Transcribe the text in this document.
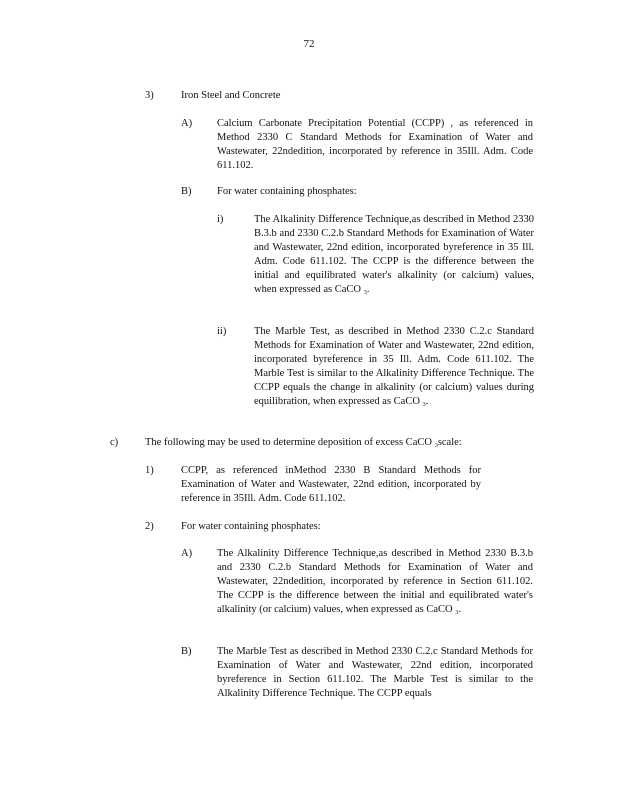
72
3)	Iron Steel and Concrete
A) Calcium Carbonate Precipitation Potential (CCPP) , as referenced in Method 2330 C Standard Methods for Examination of Water and Wastewater, 22ndedition, incorporated by reference in 35Ill. Adm. Code 611.102.
B) For water containing phosphates:
i)	The Alkalinity Difference Technique,as described in Method 2330 B.3.b and 2330 C.2.b Standard Methods for Examination of Water and Wastewater, 22nd edition, incorporated byreference in 35 Ill. Adm. Code 611.102. The CCPP is the difference between the initial and equilibrated water's alkalinity (or calcium) values, when expressed as CaCO $_3$.
ii)	The Marble Test, as described in Method 2330 C.2.c Standard Methods for Examination of Water and Wastewater, 22nd edition, incorporated byreference in 35 Ill. Adm. Code 611.102. The Marble Test is similar to the Alkalinity Difference Technique. The CCPP equals the change in alkalinity (or calcium) values during equilibration, when expressed as CaCO $_3$.
c)	The following may be used to determine deposition of excess CaCO $_3$scale:
1)	CCPP, as referenced inMethod 2330 B Standard Methods for Examination of Water and Wastewater, 22nd edition, incorporated by reference in 35Ill. Adm. Code 611.102.
2)	For water containing phosphates:
A) The Alkalinity Difference Technique,as described in Method 2330 B.3.b and 2330 C.2.b Standard Methods for Examination of Water and Wastewater, 22ndedition, incorporated by reference in Section 611.102. The CCPP is the difference between the initial and equilibrated water's alkalinity (or calcium) values, when expressed as CaCO $_3$.
B) The Marble Test as described in Method 2330 C.2.c Standard Methods for Examination of Water and Wastewater, 22nd edition, incorporated byreference in Section 611.102. The Marble Test is similar to the Alkalinity Difference Technique. The CCPP equals
